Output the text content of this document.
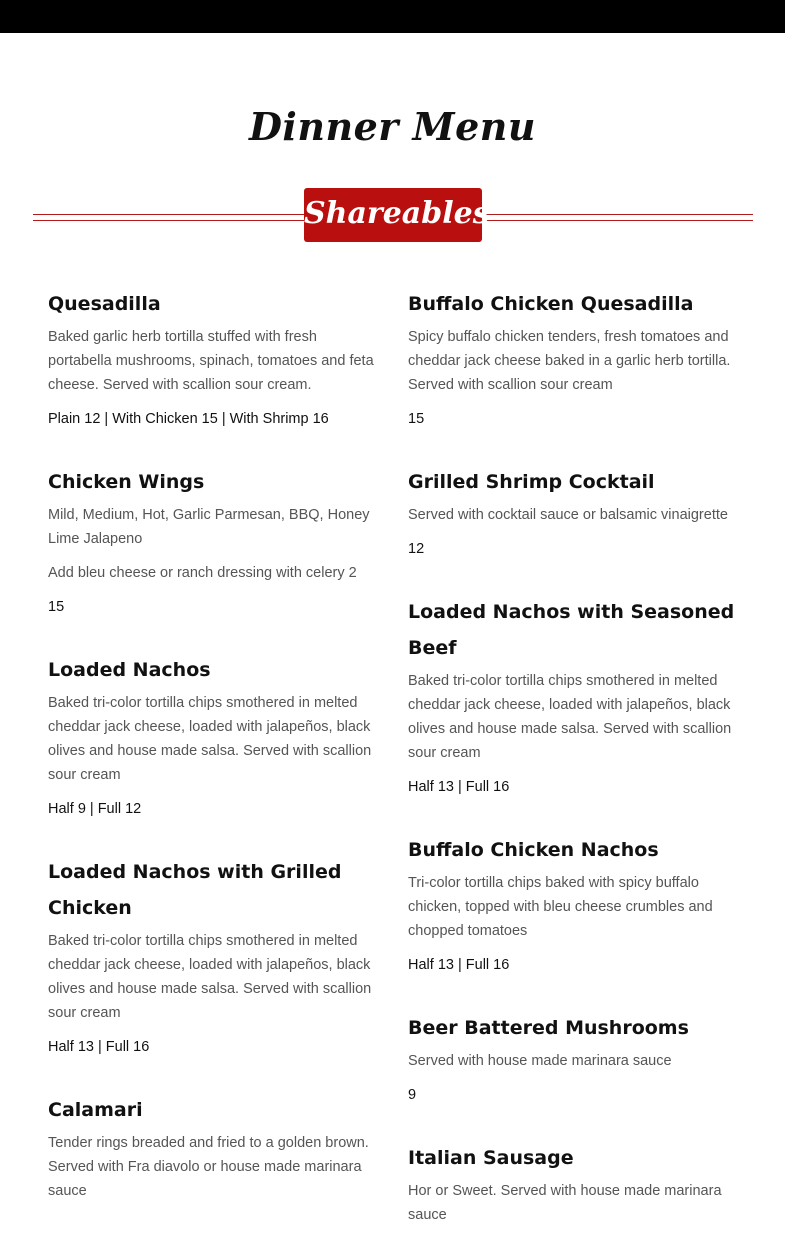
Dinner Menu
Shareables
Quesadilla

Baked garlic herb tortilla stuffed with fresh portabella mushrooms, spinach, tomatoes and feta cheese. Served with scallion sour cream.

Plain 12 | With Chicken 15 | With Shrimp 16

Chicken Wings

Mild, Medium, Hot, Garlic Parmesan, BBQ, Honey Lime Jalapeno

Add bleu cheese or ranch dressing with celery 2

15

Loaded Nachos

Baked tri-color tortilla chips smothered in melted cheddar jack cheese, loaded with jalapeños, black olives and house made salsa. Served with scallion sour cream

Half 9 | Full 12

Loaded Nachos with Grilled Chicken

Baked tri-color tortilla chips smothered in melted cheddar jack cheese, loaded with jalapeños, black olives and house made salsa. Served with scallion sour cream

Half 13 | Full 16

Calamari

Tender rings breaded and fried to a golden brown. Served with Fra diavolo or house made marinara sauce

Buffalo Chicken Quesadilla

Spicy buffalo chicken tenders, fresh tomatoes and cheddar jack cheese baked in a garlic herb tortilla. Served with scallion sour cream

15

Grilled Shrimp Cocktail

Served with cocktail sauce or balsamic vinaigrette

12

Loaded Nachos with Seasoned Beef

Baked tri-color tortilla chips smothered in melted cheddar jack cheese, loaded with jalapeños, black olives and house made salsa. Served with scallion sour cream

Half 13 | Full 16

Buffalo Chicken Nachos

Tri-color tortilla chips baked with spicy buffalo chicken, topped with bleu cheese crumbles and chopped tomatoes

Half 13 | Full 16

Beer Battered Mushrooms

Served with house made marinara sauce

9

Italian Sausage

Hor or Sweet. Served with house made marinara sauce
